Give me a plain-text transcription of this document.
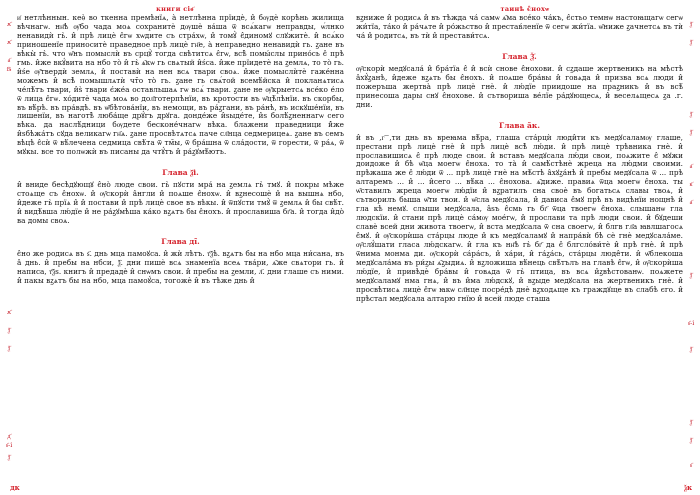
книги сіѳ҃
ѫ҃
ѫ҃
а҃
і҃ѕ
ѫ҃
ѯ҃
ѯ҃
д҃
ѕ҃-і
ѯ҃

и͗ нетлѣннын. кеѳ̀ во ткенна премѣнїѧ, а̀ нетлѣнна прїидѐ, и̂ бѹдѐ корѣнь жилища вѣчнагѡ. нн҃ѣ ѹ̂бо чада моѧ сохранитѐ дѹшѐ ва́ша ѿ всѧ́кагѡ неправды, ѡ́лнко ненавидѝ гь̀. и̂ прѣ лицѐ є̂гѡ хѡдите съ стра́хѡ, и̂ томꙋ̀ є̂диномꙋ слꙋжитѐ. и̂ всѧ́ко приношенїе приноситѐ праведное прѣ лицѐ гн҃е, а̀ неправедно ненавидѝ гь. ꙁане въ вѣкы̀ гь̀. что ѡ̂нъ помыслѝ въ срцꙋ̀ тогда свѣтитсѧ є̂гѡ, всѣ̀ помы́слы прино́сь є̂ прѣ гмь. и̂же вкꙋ́вита на нбо то̀ и̂ гь̀ ѧ̂кѡ гь свѧтый и̂ѕ́са. и̂же прїидетѐ на ꙁемлѧ, то то̀ гь. и̂ѕ́е ѹ̂твердѝ землѧ, и̂ поставѝ на нен всѧ твари своѧ. и̂же помыслѝтѐ гаже́нна можемъ и̂ всѣ̀ помышлѧтѝ чт̑о то̀ гь. ꙁане гь свѧ́той всемѣ́йска и̂ покланѧтисѧ че́лѣ́тъ твари, и̂ѕ̀ твари є́же́а оставльшаѧ гѡ всѧ́ твари. ꙁане не ѹ̂крыетсѧ все́ко е́ло ѿ лица є̂гѡ. хо́дитѐ чада моѧ во дол҃готерпѣнїи, въ кротости въ ѡ̂цѣ́лѣнїи. въ скорбы, въ вѣ́рѣ. въ пра́вдѣ. въ ѡ̂бѣтова́нїи, въ немощи, въ ра́ꙁгани, въ ра́нѣ, въ искꙋше́нїи, въ лишенїи, въ наготѣ̀ люба́ще дрꙋ́гъ дрꙋга. донде́же и̂ѕыде́те, и̂ѕ болѣ́ꙁненнагѡ сего вѣка. да наслѣ́дници бѹдете бесконе́чнагѡ вѣка. блажени праведници и̂́же и̂ѕбѣжа́тъ сꙋда великагѡ гн҃ѧ. ꙁане просвѣтѧтсѧ паче сл҃нца седмерицеѧ. ꙁане въ семъ вѣцѣ є̂сѝ ѿ вѣ́лечена седмица свѣ́та ѿ тм̑ы, ѿ бра́шна ѿ сла́дости, ѿ горести, ѿ ра́ѧ, ѿ мꙋкы. все то полѡжѝ въ писаны да чтꙋ́тъ и̂ ра́ꙁꙋмѣ́ютъ.

Глава ѯ҃і.

и̂ вниде бесѣдꙋющꙋ є̂но̀ люде свои. гь̀ пꙋсти мра́ на ꙁемлѧ гь̀ тмꙋ. и̂ покры мѣже стоѧще съ є̂нохѡ. и̂ ѹ̂скорѝ а̂нгли и̂ поѧше є̂нохѡ. и̂ вꙁнесошѐ и̂ на вышнѧ нбо, и̂деже гь̀ прїѧ и̂ и̂ постави и̂ прѣ лицѐ свое въ вѣкы. и̂ ѿпꙋсти тмꙋ̀ ѿ ꙁемлѧ и̂ бы свѣ́т. и̂ видѣ́вша лю́дїе и̂ не ра́ꙁꙋмѣша ка́ко вꙁѧтъ бы є̂нохъ. и̂ прославиша бг҃а. и̂ тогда и̂до̀ ва домы своѧ.

Глава ді̃.

є̂но же родисѧ въ ѕ҃. днь мца памоꙋса. и̂ жѝ лѣтъ. т҃ѯѣ. вꙁѧтъ бы на нбо мца ни́сана, въ а̂ днь. и̂ пребы на нбси, ѯ҃. дни пишѐ всѧ знаменїа всеѧ тва́ри, ѧ̂же свѧтори гь. и̂ написа, т҃ѯѕ. книгъ и̂ предадѐ и̂ снѡмъ свои. и̂ пребы на ꙁемли, л҃. дни глаше съ ними. и̂ пакы вꙁѧтъ бы на нбо, мца памоꙋ́са, тогожѐ и̂ въ тѣже днь и̂

дк
таинѣ є̂нохѡ
ѯ҃
ѯ҃
ѯ҃
ѯ҃
а҃
к҃
а҃
ѯ҃
ѕ҃-і
ѯ҃
ѯ҃
ѯ҃
ѕ҃

вꙁниже и̂ родисѧ и̂ въ тѣжда ча́ самѡ ѧ̂ма все́ко ча́къ, є̂стьо темнѡ настоꙗщагѡ сегѡ жи́тїа, та́ко и̂ ра́чѧте и̂ ро́жьство и̂ престав́ленїе ѿ сегѡ жи́тїа. ѡ̂ниже ꙁачнетсѧ въ тѝ ча́ и̂ родитсѧ, въ тѝ и̂ престави́тсѧ.

Глава Ѯ҃.

ѹ̂скорѝ медꙋсала́ и̂ бра́тїа є̂ и̂ всѝ снове є̂нохови. и̂ сꙁдаше жертвеникъ на мѣстѣ а̂хꙋ́ꙁанѣ, и̂деже вꙁѧть бы є̂нохъ. и̂ поѧше бра́вы и̂ говѧда и̂ призва всѧ люди и̂ пожеръша жертва̀ прѣ лицѐ гнѐ. и̂ лю́дїе приидоше на праꙁникъ и̂ въ всѣ́ принесоша дары снꙋ є̂нохове. и̂ сътвориша ве́лїе ра́дꙋющесѧ, и̂ веселѧщесѧ ꙁа .г. дни.

Глава а̃к.

и̂ въ ,г͞ ,ти днь въ вреꙗма вѣ́ра, глаша ста́рцѝ люди̂ти къ медꙋсаламѹ глаше, престани прѣ лицѐ гнѐ и̂ прѣ лицѐ всѣ̀ лю́ди. и̂ прѣ лицѐ трѣвника гнѐ. и̂ прославишисѧ є̂ прѣ люде свои. и̂ вставъ медꙋсала лю́ди свои, поѧжите є̂ мꙋжи доидоже и̂ бѣ ѡ̂ца моегѡ є̂ноха. то та̀ и̂ самѣ́стѣнѐ жреца на лю́дми своими. прѣжаша же є̂ лю́ди ѿ ... прѣ лицѐ гнѐ на мѣ́стѣ а̂хꙋꙁа́нѣ и̂ пребы медꙋсала ѿ ... прѣ алтаремъ ... и̂ ... и̂сего ... вѣ́ка ... є̂нохова. ѧ̂диже. правиѧ ѿца моегѡ є̂ноха. ты ѡ̂ставилъ жреца моегѡ лю́дїи и̂ вꙁратилъ сна своѐ въ богатьсѧ славы твоѧ, и̂ сътворилъ быша ѡ̂ти твои. и̂ ѡ̂сла медꙋсала, и̂ дависа є̂мꙋ прѣ въ видѣнїи нощнѣ и̂ гла кѣ немꙋ. слыши медꙋсала, а̂ѕъ є̂смь гь бг҃ ѿца твоегѡ є̂ноха. слышанѡ гла людскїи. и̂ стани прѣ лицѐ са́мѹ мое́гѡ, и̂ прослави та прѣ люди свои. и̂ бꙋдеши славѐ всей дни живота твоегѡ, и̂ вста медꙋсала ѿ сна своегѡ, и̂ блгв гл҃а ꙗвлшагосѧ є̂мꙋ. и̂ ѹ̂скорѝша ста́рцы люде и̂ къ медꙋсаламꙋ и̂ напра́вѝ бѣ сѐ гнѐ медꙋсала́ме. ѹ̂слꙋ́шати гласа лю́дскагѡ. и̂ гла къ нн҃ѣ гь̀ бг҃ да є̂ блгсло́ви́тѐ и̂ прѣ гнѐ. и̂ прѣ ѿнима монма ди. ѹ̂скорѝ са́ра́съ, и̂ ха́ри, и̂ га́ꙁа́сь, ста́рцы люде̂ти. и̂ ѡ̂блекоша медꙋсала́ма въ ри́ꙁы ѧ̂ꙁыдиѧ. и̂ вꙁложиша вѣ́нець свѣ́тълъ на главѣ є̂гѡ, и̂ ѹ̂скорѝша лю́дїе, и̂ привѣдѐ бра́вы и̂ говѧда ѿ гь̀ птица, въ всѧ и̂ꙁвѣстованѡ. поѧжете медꙋсаламꙋ нма гнѧ, и̂ въ и̂ма лю́дскꙋ, и̂ вꙁыде медꙋсала на жертвеникъ гнѐ. и̂ просвѣтисѧ лицѐ є̂гѡ ꙗкѡ сл҃нце посре́дѣ днѐ вꙁходѧще къ граждꙋще въ слабѣ єго. и̂ прѣстал медꙋсала алтарю гнїю и̂ всей люде сташа

ѯк
